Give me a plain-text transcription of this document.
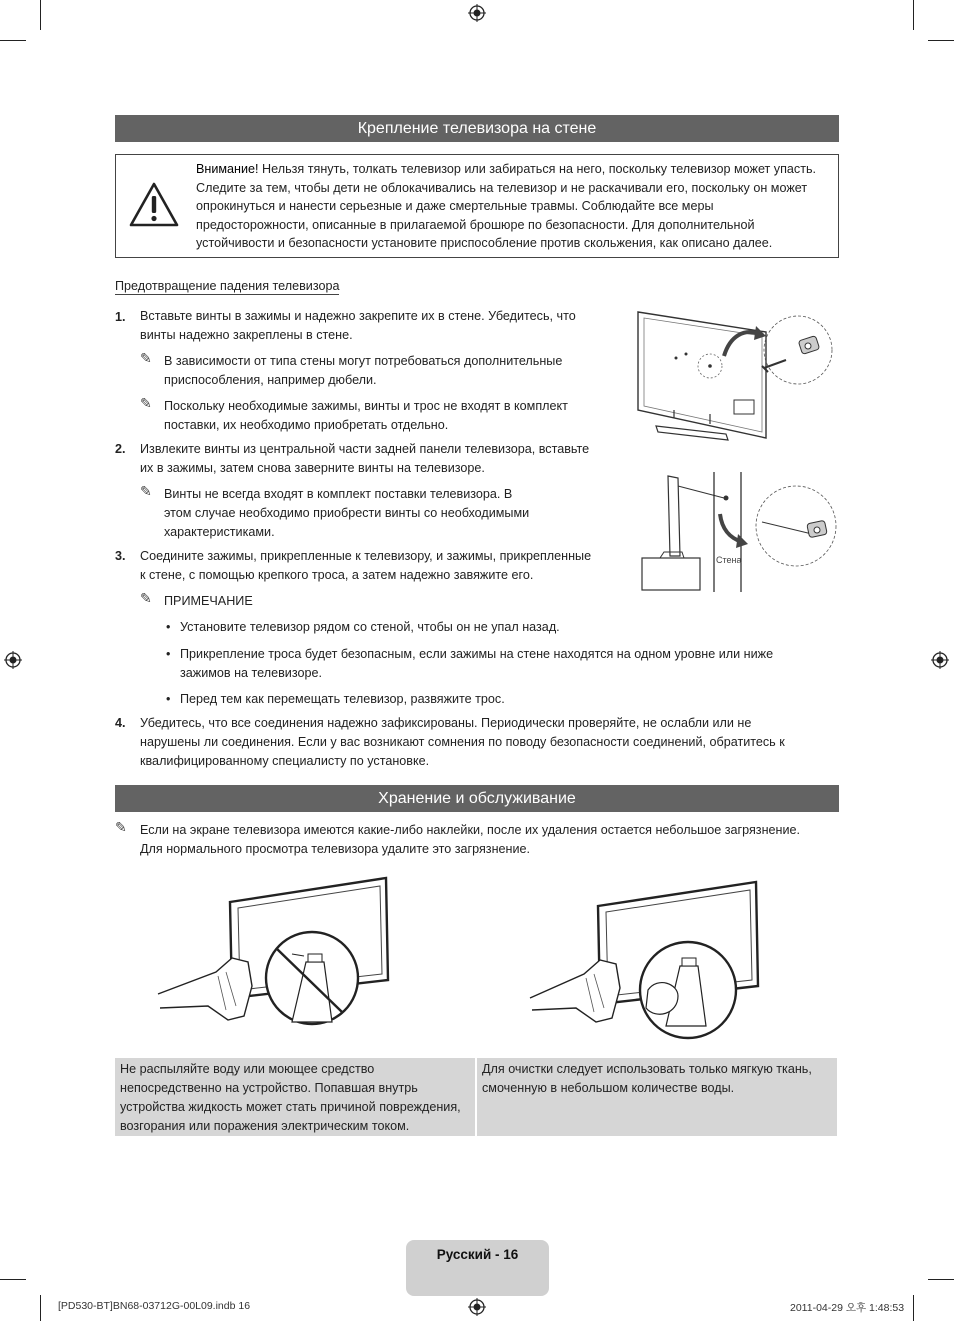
Крепление телевизора на стене
Внимание! Нельзя тянуть, толкать телевизор или забираться на него, поскольку телевизор может упасть. Следите за тем, чтобы дети не облокачивались на телевизор и не раскачивали его, поскольку он может опрокинуться и нанести серьезные и даже смертельные травмы. Соблюдайте все меры предосторожности, описанные в прилагаемой брошюре по безопасности. Для дополнительной устойчивости и безопасности установите приспособление против скольжения, как описано далее.
Предотвращение падения телевизора
1. Вставьте винты в зажимы и надежно закрепите их в стене. Убедитесь, что
винты надежно закреплены в стене.
✎ В зависимости от типа стены могут потребоваться дополнительные
приспособления, например дюбели.
✎ Поскольку необходимые зажимы, винты и трос не входят в комплект
поставки, их необходимо приобретать отдельно.
2. Извлеките винты из центральной части задней панели телевизора, вставьте
их в зажимы, затем снова заверните винты на телевизоре.
✎ Винты не всегда входят в комплект поставки телевизора. В
этом случае необходимо приобрести винты со необходимыми
характеристиками.
3. Соедините зажимы, прикрепленные к телевизору, и зажимы, прикрепленные
к стене, с помощью крепкого троса, а затем надежно завяжите его.
✎ ПРИМЕЧАНИЕ
• Установите телевизор рядом со стеной, чтобы он не упал назад.
• Прикрепление троса будет безопасным, если зажимы на стене находятся на одном уровне или ниже
зажимов на телевизоре.
• Перед тем как перемещать телевизор, развяжите трос.
4. Убедитесь, что все соединения надежно зафиксированы. Периодически проверяйте, не ослабли или не
нарушены ли соединения. Если у вас возникают сомнения по поводу безопасности соединений, обратитесь к
квалифицированному специалисту по установке.
Стена
Хранение и обслуживание
✎ Если на экране телевизора имеются какие-либо наклейки, после их удаления остается небольшое загрязнение.
Для нормального просмотра телевизора удалите это загрязнение.
Не распыляйте воду или моющее средство непосредственно на устройство. Попавшая внутрь устройства жидкость может стать причиной повреждения, возгорания или поражения электрическим током.
Для очистки следует использовать только мягкую ткань, смоченную в небольшом количестве воды.
Русский - 16
[PD530-BT]BN68-03712G-00L09.indb 16	2011-04-29 오후 1:48:53
